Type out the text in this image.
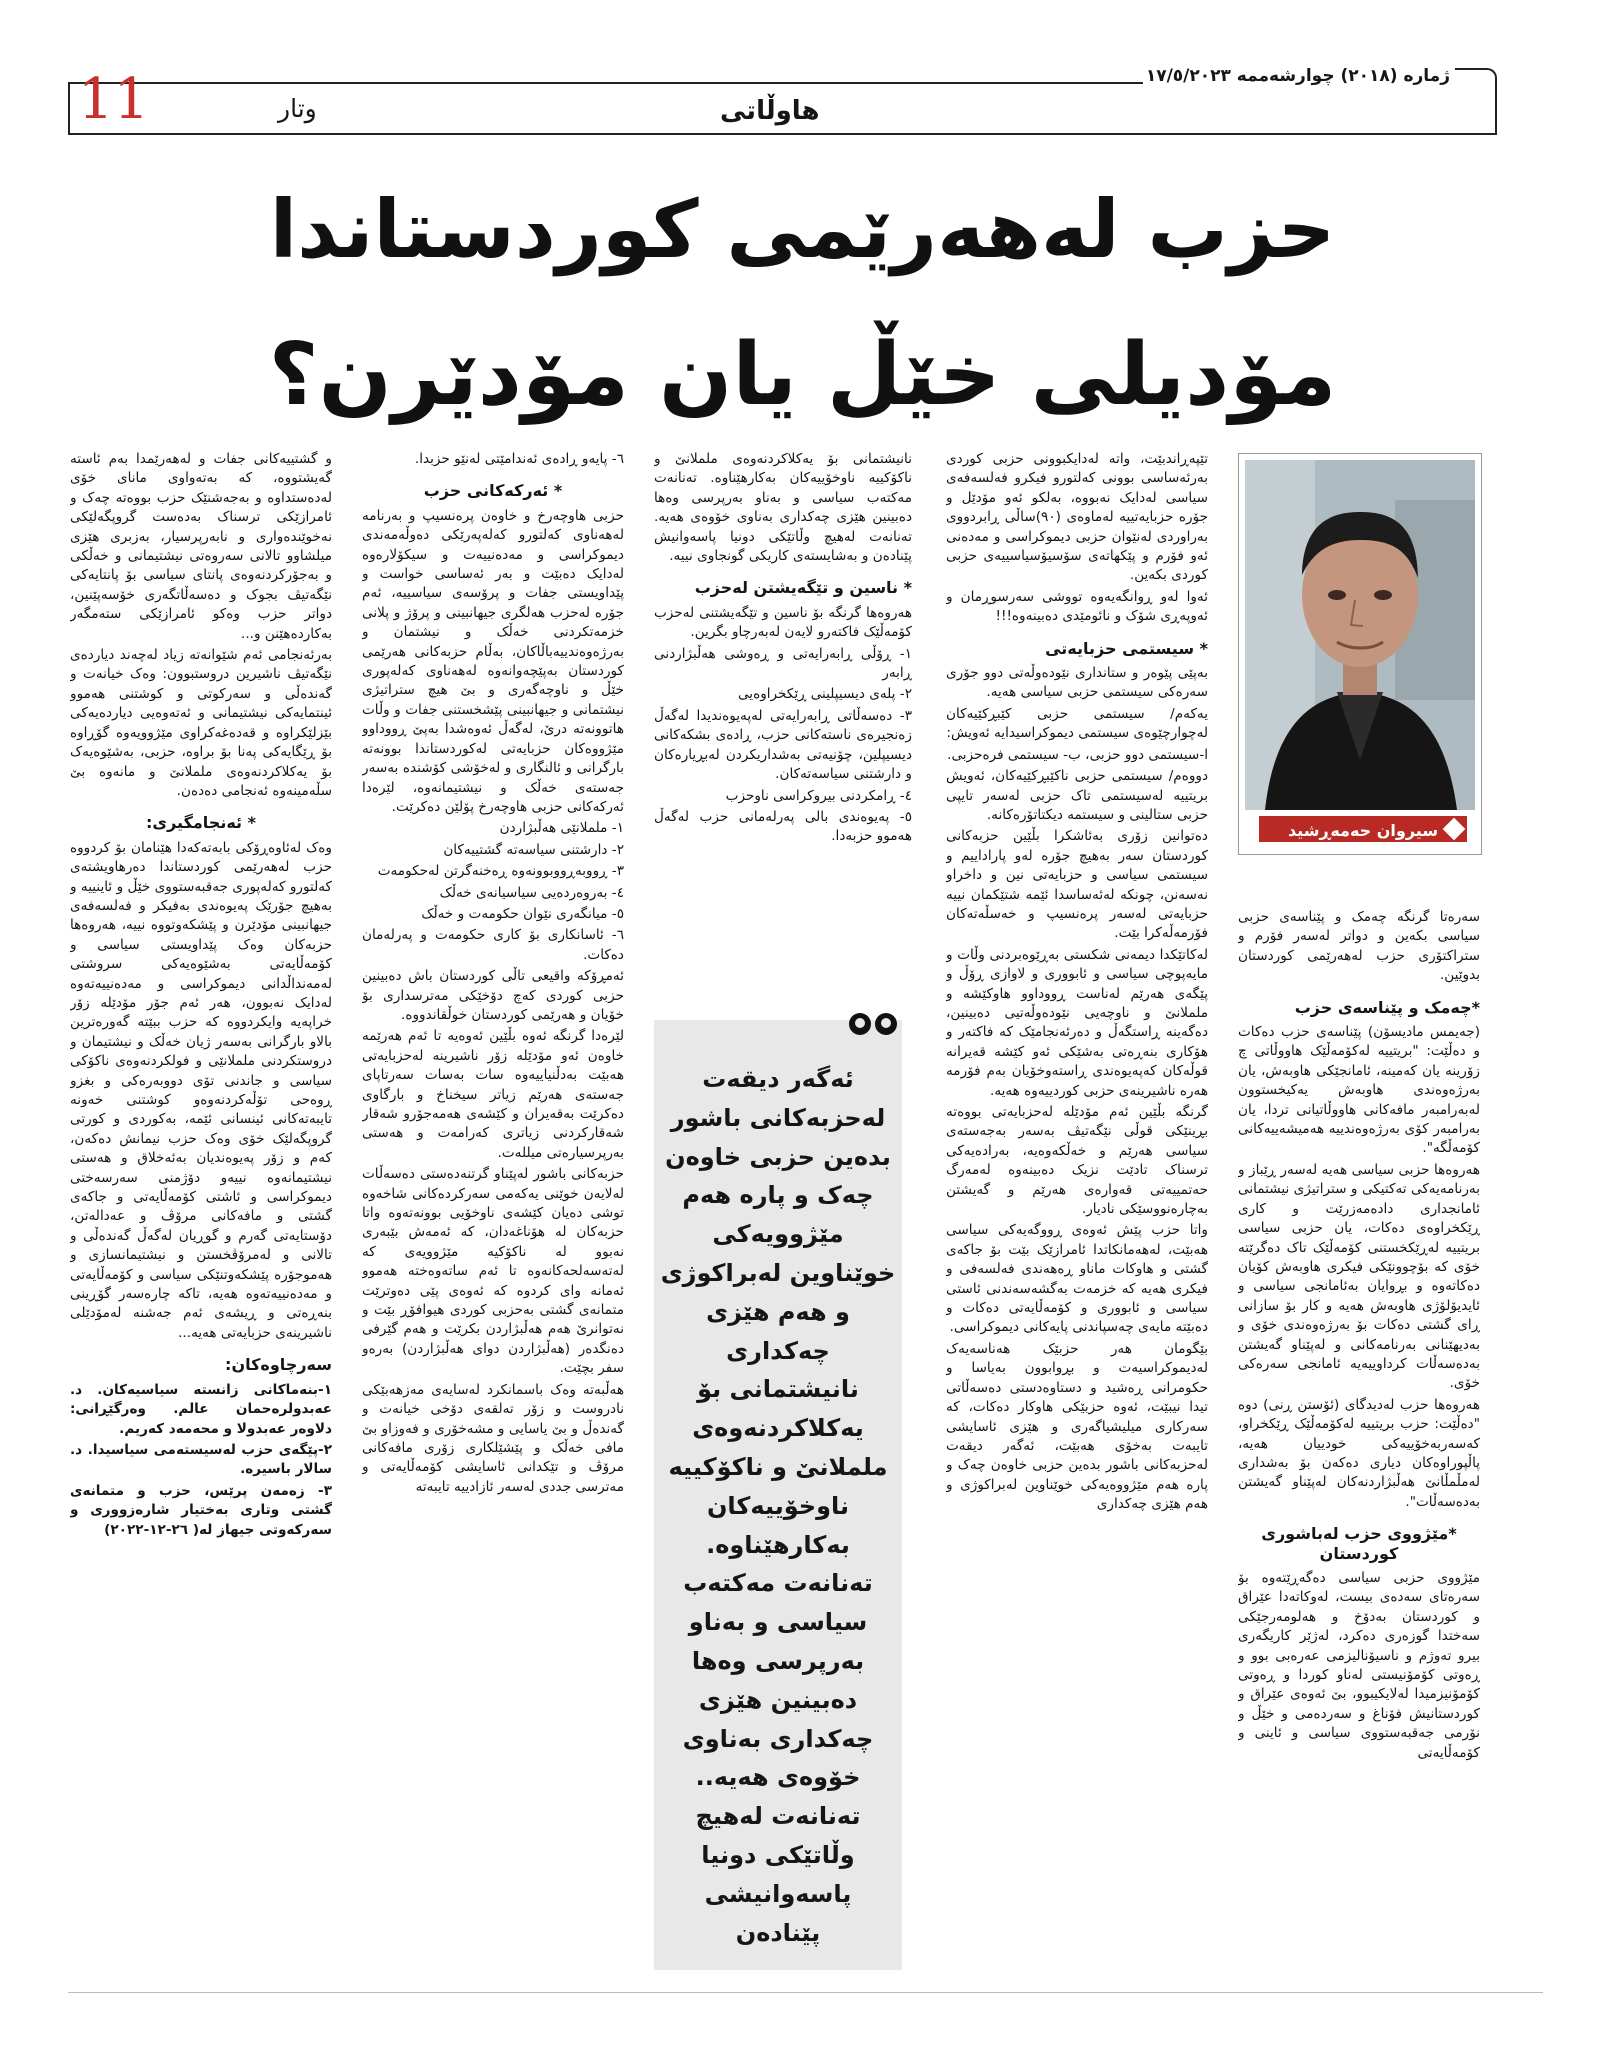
ژمارە (٢٠١٨) چوارشەممە ١٧/٥/٢٠٢٣
11	وتار	هاوڵاتی
حزب لەهەرێمی کوردستاندا
مۆدیلی خێڵ یان مۆدێرن؟
سیروان حەمەڕشید

سەرەتا گرنگە چەمک و پێناسەی حزبی سیاسی بکەین و دواتر لەسەر فۆرم و ستراکتۆری حزب لەهەرێمی کوردستان بدوێین.

*چەمک و پێناسەی حزب

(جەیمس مادیسۆن) پێناسەی حزب دەکات و دەڵێت: "بریتییە لەکۆمەڵێک هاووڵاتی چ زۆرینە یان کەمینە، ئامانجێکی هاوبەش، یان بەرژەوەندی هاوبەش یەکیخستوون لەبەرامبەر مافەکانی هاووڵاتیانی تردا، یان بەرامبەر کۆی بەرژەوەندییە هەمیشەییەکانی کۆمەڵگە".

هەروەها حزبی سیاسی هەیە لەسەر ڕێباز و بەرنامەیەکی تەکتیکی و ستراتیژی نیشتمانی ئامانجداری دادەمەزرێت و کاری ڕێکخراوەی دەکات، یان حزبی سیاسی بریتییە لەڕێکخستنی کۆمەڵێک تاک دەگرێتە خۆی کە بۆچوونێکی فیکری هاوبەش کۆیان دەکاتەوە و بڕوایان بەئامانجی سیاسی و ئایدیۆلۆژی هاوبەش هەیە و کار بۆ سازانی ڕای گشتی دەکات بۆ بەرژەوەندی خۆی و بەدیهێنانی بەرنامەکانی و لەپێناو گەیشتن بەدەسەڵات کرداوییەیە ئامانجی سەرەکی خۆی.

هەروەها حزب لەدیدگای (ئۆستن ڕنی) دوە "دەڵێت: حزب بریتییە لەکۆمەڵێک ڕێکخراو، کەسەربەخۆییەکی خودییان هەیە، پاڵپوراوەکان دیاری دەکەن بۆ بەشداری لەمڵمڵانێ هەڵبژاردنەکان لەپێناو گەیشتن بەدەسەڵات".

*مێژووی حزب لەباشوری کوردستان

مێژووی حزبی سیاسی دەگەڕێتەوە بۆ سەرەتای سەدەی بیست، لەوکاتەدا عێراق و کوردستان بەدۆخ و هەلومەرجێکی سەختدا گوزەری دەکرد، لەژێر کاریگەری بیرو تەوژم و ناسیۆنالیزمی عەرەبی بوو و ڕەوتی کۆمۆنیستی لەناو کوردا و ڕەوتی کۆمۆنیزمیدا لەلایکیبوو، بێ ئەوەی عێراق و کوردستانیش فۆناغ و سەردەمی و خێڵ و نۆرمی جەقبەستووی سیاسی و ئاینی و کۆمەڵایەتی

تێپەڕاندبێت، واتە لەدایکبوونی حزبی کوردی بەرئەساسی بوونی کەلتورو فیکرو فەلسەفەی سیاسی لەدایک نەبووە، بەلکو ئەو مۆدێل و جۆرە حزبایەتییە لەماوەی (٩٠)ساڵی ڕابردووی بەراوردی لەنێوان حزبی دیموکراسی و مەدەنی ئەو فۆرم و پێکهاتەی سۆسیۆسیاسییەی حزبی کوردی بکەین.

ئەوا لەو ڕوانگەیەوە تووشی سەرسوڕمان و ئەوپەڕی شۆک و نائومێدی دەبینەوە!!!

* سیستمی حزبایەتی

بەپێی پێوەر و ستانداری نێودەوڵەتی دوو جۆری سەرەکی سیستمی حزبی سیاسی هەیە.

یەکەم/ سیستمی حزبی کێبڕکێیەکان لەچوارچێوەی سیستمی دیموکراسیدایە ئەویش:

ا-سیستمی دوو حزبی، ب- سیستمی فرەحزبی.

دووەم/ سیستمی حزبی ناکێبڕکێیەکان، ئەویش بریتییە لەسیستمی تاک حزبی لەسەر تایپی حزبی ستالینی و سیستمە دیکتاتۆرەکانە.

دەتوانین زۆری بەئاشکرا بڵێین حزبەکانی کوردستان سەر بەهیچ جۆرە لەو پاراداییم و سیستمی سیاسی و حزبایەتی نین و داخراو نەسەنن، چونکە لەئەساسدا ئێمە شتێکمان نییە حزبایەتی لەسەر پرەنسیپ و خەسڵەتەکان فۆرمەڵەکرا بێت.

لەکاتێکدا دیمەنی شکستی بەڕێوەبردنی وڵات و مایەپوچی سیاسی و ئابووری و لاوازی ڕۆڵ و پێگەی هەرێم لەناست ڕووداوو هاوکێشە و ململانێ و ناوچەیی نێودەوڵەتیی دەبینین، دەگەینە ڕاستگەڵ و دەرئەنجامێک کە فاکتەر و هۆکاری بنەڕەتی بەشێکی ئەو کێشە قەیرانە قوڵەکان کەپەیوەندی ڕاستەوخۆیان بەم فۆرمە هەرە ناشیرینەی حزبی کوردییەوە هەیە.

گرنگە بڵێین ئەم مۆدێلە لەحزبایەتی بووەتە بڕینێکی قوڵی نێگەتیڤ بەسەر بەجەستەی سیاسی هەرێم و خەڵکەوەیە، بەرادەیەکی ترسناک تادێت نزیک دەبینەوە لەمەرگ حەتمییەتی قەوارەی هەرێم و گەیشتن بەچارەنووسێکی نادیار.

واتا حزب پێش ئەوەی ڕووگەیەکی سیاسی هەبێت، لەهەمانکاتدا ئامرازێک بێت بۆ جاکەی گشتی و هاوکات ماناو ڕەهەندی فەلسەفی و فیکری هەیە کە خزمەت بەگشەسەندنی ئاستی سیاسی و ئابووری و کۆمەڵایەتی دەکات و دەبێتە مایەی چەسپاندنی پایەکانی دیموکراسی.

بێگومان هەر حزبێک هەناسەیەک لەدیموکراسیەت و بڕوابوون بەیاسا و حکومرانی ڕەشید و دستاوەدستی دەسەڵاتی تیدا نیبێت، ئەوە حزبێکی هاوکار دەکات، کە سەرکاری میلیشیاگەری و هێزی ئاسایشی تایبەت بەخۆی هەبێت، ئەگەر دیقەت لەحزبەکانی باشور بدەین حزبی خاوەن چەک و پارە هەم مێژووەیەکی خوێناوین لەبراکوژی و هەم هێزی چەکداری

نانیشتمانی بۆ یەکلاکردنەوەی ململانێ و ناکۆکییە ناوخۆییەکان بەکارهێناوە. تەنانەت مەکتەب سیاسی و بەناو بەرپرسی وەها دەبینین هێزی چەکداری بەناوی خۆوەی هەیە. تەنانەت لەهیچ وڵاتێکی دونیا پاسەوانیش پێنادەن و بەشایستەی کاریکی گونجاوی نییە.

* ناسین و تێگەیشتن لەحزب

هەروەها گرنگە بۆ ناسین و تێگەیشتنی لەحزب کۆمەڵێک فاکتەرو لایەن لەبەرچاو بگرین.

١- ڕۆڵی ڕابەرایەتی و ڕەوشی هەڵبژاردنی ڕابەر

٢- پلەی دیسیپلینی ڕێکخراوەیی

٣- دەسەڵاتی ڕابەرایەتی لەپەیوەندیدا لەگەڵ زەنجیرەی ناستەکانی حزب، ڕادەی بشکەکانی دیسیپلین، چۆنیەتی بەشداریکردن لەبڕیارەکان و دارشتنی سیاسەتەکان.

٤- ڕامکردنی بیروکراسی ناوحزب

٥- پەیوەندی بالی پەرلەمانی حزب لەگەڵ هەموو حزبەدا.

ئەگەر دیقەت لەحزبەکانی باشور بدەین حزبی خاوەن چەک و پارە هەم مێژوویەکی خوێناوین لەبراکوژی و هەم هێزی چەکداری نانیشتمانی بۆ یەکلاکردنەوەی ململانێ و ناکۆکییە ناوخۆییەکان بەکارهێناوە. تەنانەت مەکتەب سیاسی و بەناو بەرپرسی وەها دەبینین هێزی چەکداری بەناوی خۆوەی هەیە.. تەنانەت لەهیچ وڵاتێکی دونیا پاسەوانیشی پێنادەن

٦- پایەو ڕادەی ئەندامێتی لەنێو حزبدا.

* ئەرکەکانی حزب

حزبی هاوچەرخ و خاوەن پرەنسیپ و بەرنامە لەهەناوی کەلتورو کەلەپەرێکی دەوڵەمەندی دیموکراسی و مەدەنییەت و سیکۆلارەوە لەدایک دەبێت و بەر ئەساسی خواست و پێداویستی جفات و پرۆسەی سیاسییە، ئەم جۆرە لەحزب هەلگری جیهانبینی و پرۆژ و پلانی خزمەتکردنی خەڵک و نیشتمان و بەرژەوەندییەباڵاکان، بەڵام حزبەکانی هەرێمی کوردستان بەپێچەوانەوە لەهەناوی کەلەپوری خێڵ و ناوچەگەری و بێ هیچ ستراتیژی نیشتمانی و جیهانبینی پێشخستنی جفات و وڵات هاتوونەتە درێ، لەگەڵ ئەوەشدا بەپێ ڕووداوو مێژووەکان حزبایەتی لەکوردستاندا بوونەتە بارگرانی و ئالنگاری و لەخۆشی کۆشندە بەسەر جەستەی خەڵک و نیشتیمانەوە، لێرەدا ئەرکەکانی حزبی هاوچەرخ پۆلێن دەکرێت.

١- ململانێی هەڵبژاردن

٢- دارشتنی سیاسەتە گشتییەکان

٣- ڕووبەڕووبوونەوە ڕەخنەگرتن لەحکومەت

٤- بەروەردەیی سیاسیانەی خەڵک

٥- میانگەری نێوان حکومەت و خەڵک

٦- ئاسانکاری بۆ کاری حکومەت و پەرلەمان دەکات.

ئەمڕۆکە واقیعی تاڵی کوردستان باش دەبینین حزبی کوردی کەچ دۆخێکی مەترسداری بۆ خۆیان و هەرێمی کوردستان خوڵقاندووە.

لێرەدا گرنگە ئەوە بڵێین ئەوەیە تا ئەم هەرێمە خاوەن ئەو مۆدێلە زۆر ناشیرینە لەحزبایەتی هەبێت بەدڵنیاییەوە سات بەسات سەرتاپای جەستەی هەرێم زیاتر سیخناخ و بارگاوی دەکرێت بەقەیران و کێشەی هەمەجۆرو شەقار شەقارکردنی زیاتری کەرامەت و هەستی بەرپرسیارەتی میللەت.

حزبەکانی باشور لەپێناو گرتنەدەستی دەسەڵات لەلایەن خوێنی یەکەمی سەرکردەکانی شاخەوە توشی دەیان کێشەی ناوخۆیی بوونەتەوە واتا حزبەکان لە هۆناغەدان، کە ئەمەش بێبەری نەبوو لە ناکۆکیە مێژوویەی کە لەتەسەلحەکانەوە تا ئەم ساتەوەختە هەموو ئەمانە وای کردوە کە ئەوەی پێی دەوترێت متمانەی گشتی بەحزبی کوردی هیوافۆڕ بێت و نەتوانرێ هەم هەڵبژاردن بکرێت و هەم گێرفی دەنگدەر (هەڵبژاردن دوای هەڵبژاردن) بەرەو سفر بچێت.

هەڵبەتە وەک باسمانکرد لەسایەی مەزهەبێکی نادروست و زۆر تەلقەی دۆخی خیانەت و گەندەڵ و بێ یاسایی و مشەخۆری و فەوزاو بێ مافی خەڵک و پێشێلکاری زۆری مافەکانی مرۆڤ و تێکدانی ئاسایشی کۆمەڵایەتی و مەترسی جددی لەسەر ئازادییە تایبەتە

و گشتییەکانی جفات و لەهەرێمدا بەم ئاستە گەیشتووە، کە بەتەواوی مانای خۆی لەدەستداوە و بەجەشنێک حزب بووەتە چەک و ئامرازێکی ترسناک بەدەست گروپگەلێکی نەخوێندەواری و نابەرپرسیار، بەزبری هێزی میلشاوو تالانی سەروەتی نیشتیمانی و خەڵکی و بەجۆرکردنەوەی پانتای سیاسی بۆ پانتایەکی نێگەتیڤ بجوک و دەسەڵاتگەری خۆسەپێنین، دواتر حزب وەکو ئامرازێکی ستەمگەر بەکاردەهێنن و...

بەرئەنجامی ئەم شێوانەتە زیاد لەچەند دیاردەی نێگەتیڤ ناشیرین دروستبوون: وەک خیانەت و گەندەڵی و سەرکوتی و کوشتنی هەموو ئینتمایەکی نیشتیمانی و ئەتەوەیی دیاردەیەکی بێزلێکراوە و قەدەغەکراوی مێژوویەوە گۆڕاوە بۆ ڕێگایەکی پەنا بۆ براوە، حزبی، بەشێوەیەک بۆ یەکلاکردنەوەی ململانێ و مانەوە بێ سڵەمینەوە ئەنجامی دەدەن.

* ئەنجامگیری:

وەک لەئاوەڕۆکی بابەتەکەدا هێنامان بۆ کردووە حزب لەهەرێمی کوردستاندا دەرهاویشتەی کەلتورو کەلەپوری جەقبەستووی خێڵ و ئاینییە و بەهیچ جۆرێک پەیوەندی بەفیکر و فەلسەفەی جیهانبینی مۆدێرن و پێشکەوتووە نییە، هەروەها حزبەکان وەک پێداویستی سیاسی و کۆمەڵایەتی بەشێوەیەکی سروشتی لەمەنداڵدانی دیموکراسی و مەدەنییەتەوە لەدایک نەبوون، هەر ئەم جۆر مۆدێلە زۆر خراپەیە وایکردووە کە حزب ببێتە گەورەترین بالاو بارگرانی بەسەر ژیان خەڵک و نیشتیمان و دروستکردنی ململانێی و فولکردنەوەی ناکۆکی سیاسی و جاندنی تۆی دووبەرەکی و بغزو ڕوەحی تۆڵەکردنەوەو کوشتنی خەونە تایبەتەکانی ئینسانی ئێمە، بەکوردی و کورتی گروپگەلێک خۆی وەک حزب نیمانش دەکەن، کەم و زۆر پەیوەندیان بەئەخلاق و هەستی نیشتیمانەوە نییەو دۆژمنی سەرسەختی دیموکراسی و ئاشتی کۆمەڵایەتی و جاکەی گشتی و مافەکانی مرۆڤ و عەدالەتن، دۆستایەتی گەرم و گوڕیان لەگەڵ گەندەڵی و تالانی و لەمرۆڤخستن و نیشتیمانسازی و هەموجۆرە پێشکەوتنێکی سیاسی و کۆمەڵایەتی و مەدەنییەتەوە هەیە، تاکە چارەسەر گۆڕینی بنەڕەتی و ڕیشەی ئەم جەشنە لەمۆدێلی ناشیرینەی حزبایەتی هەیە...

سەرچاوەکان:

١-بنەماکانی زانستە سیاسیەکان. د. عەبدولرەحمان عالم. وەرگێڕانی: دلاوەر عەبدولا و محەمەد کەریم.

٢-پێگەی حزب لەسیستەمی سیاسیدا. د. سالار باسیرە.

٣- زەمەن پرێس، حزب و متمانەی گشتی وتاری بەختیار شارەزووری و سەرکەوتی جیهاز لە( ٢٦-١٢-٢٠٢٢)
